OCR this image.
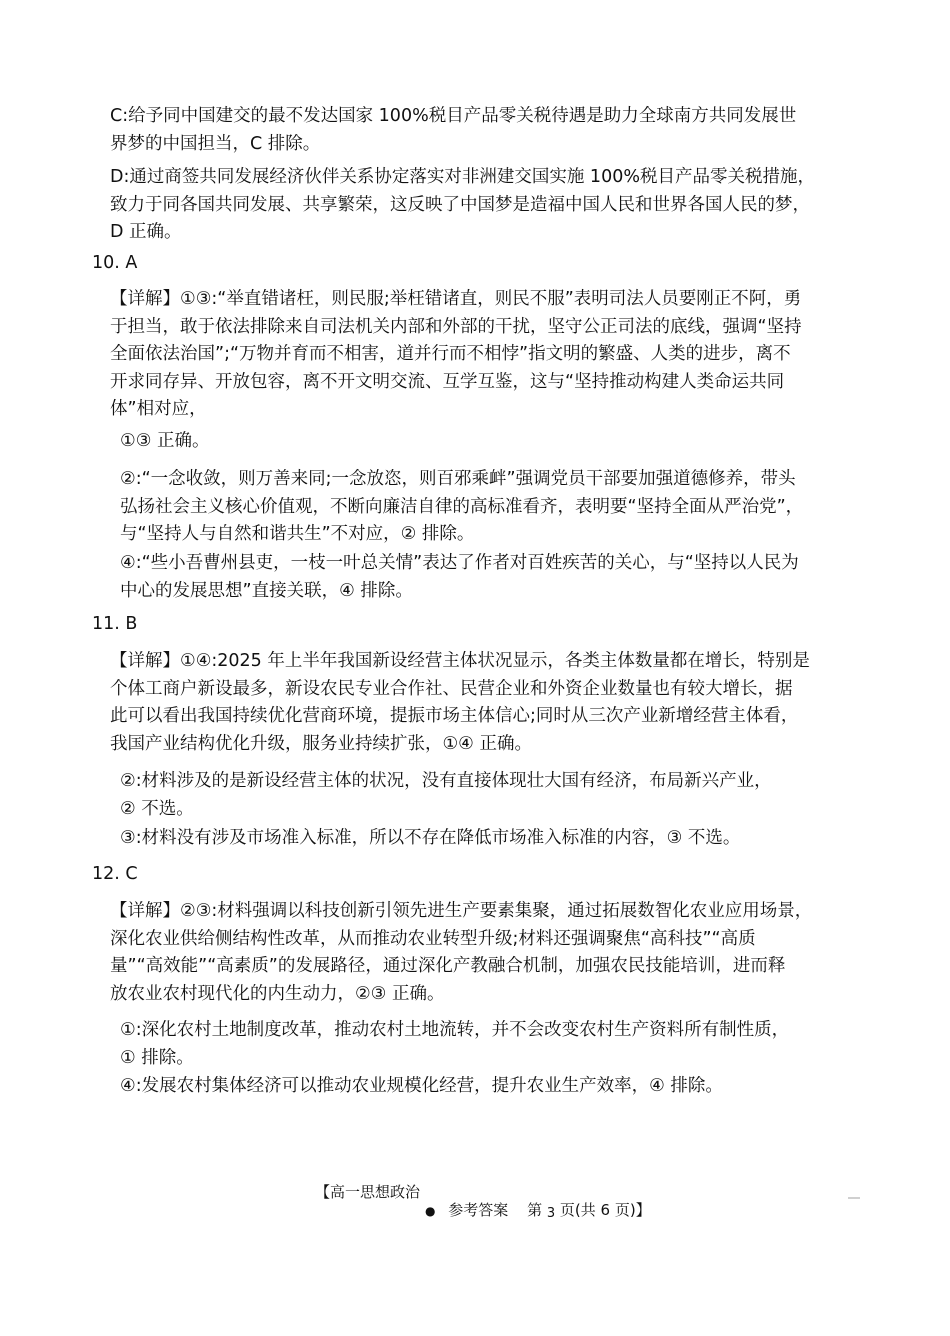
C:给予同中国建交的最不发达国家 100%税目产品零关税待遇是助力全球南方共同发展世
界梦的中国担当，C 排除。

D:通过商签共同发展经济伙伴关系协定落实对非洲建交国实施 100%税目产品零关税措施，
致力于同各国共同发展、共享繁荣，这反映了中国梦是造福中国人民和世界各国人民的梦，
D 正确。

10. A

【详解】①③:“举直错诸枉，则民服;举枉错诸直，则民不服”表明司法人员要刚正不阿，勇
于担当，敢于依法排除来自司法机关内部和外部的干扰，坚守公正司法的底线，强调“坚持
全面依法治国”;“万物并育而不相害，道并行而不相悖”指文明的繁盛、人类的进步，离不
开求同存异、开放包容，离不开文明交流、互学互鉴，这与“坚持推动构建人类命运共同
体”相对应，

①③ 正确。

②:“一念收敛，则万善来同;一念放恣，则百邪乘衅”强调党员干部要加强道德修养，带头
弘扬社会主义核心价值观，不断向廉洁自律的高标准看齐，表明要“坚持全面从严治党”，
与“坚持人与自然和谐共生”不对应，② 排除。

④:“些小吾曹州县吏，一枝一叶总关情”表达了作者对百姓疾苦的关心，与“坚持以人民为
中心的发展思想”直接关联，④ 排除。

11. B

【详解】①④:2025 年上半年我国新设经营主体状况显示，各类主体数量都在增长，特别是
个体工商户新设最多，新设农民专业合作社、民营企业和外资企业数量也有较大增长，据
此可以看出我国持续优化营商环境，提振市场主体信心;同时从三次产业新增经营主体看，
我国产业结构优化升级，服务业持续扩张，①④ 正确。

②:材料涉及的是新设经营主体的状况，没有直接体现壮大国有经济，布局新兴产业，
② 不选。

③:材料没有涉及市场准入标准，所以不存在降低市场准入标准的内容，③ 不选。

12. C

【详解】②③:材料强调以科技创新引领先进生产要素集聚，通过拓展数智化农业应用场景，
深化农业供给侧结构性改革，从而推动农业转型升级;材料还强调聚焦“高科技”“高质
量”“高效能”“高素质”的发展路径，通过深化产教融合机制，加强农民技能培训，进而释
放农业农村现代化的内生动力，②③ 正确。

①:深化农村土地制度改革，推动农村土地流转，并不会改变农村生产资料所有制性质，
① 排除。

④:发展农村集体经济可以推动农业规模化经营，提升农业生产效率，④ 排除。

【高一思想政治
● 参考答案 第 3 页(共 6 页)】
